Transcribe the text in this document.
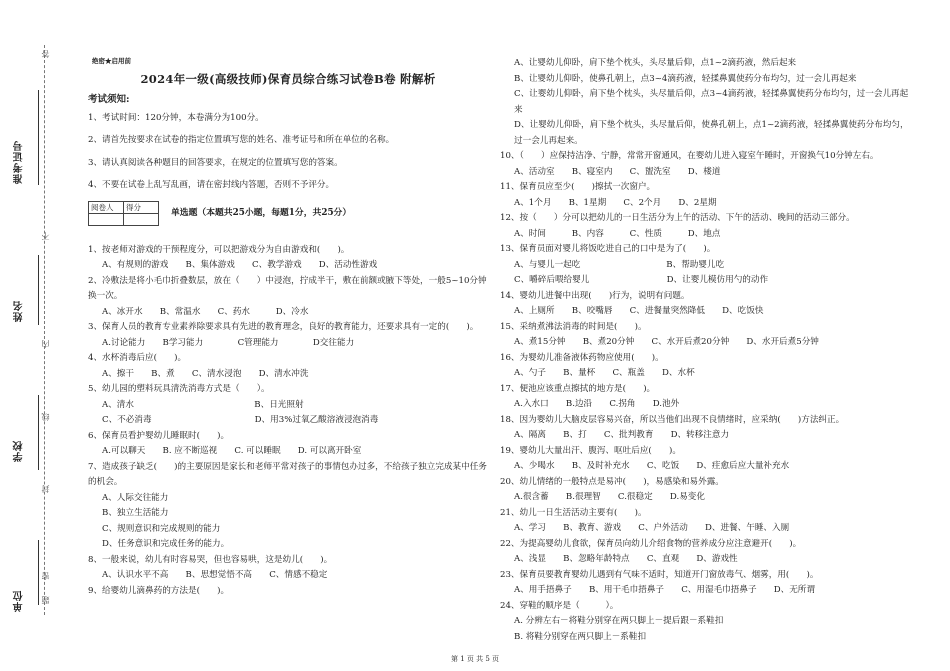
答
不
内
线
封
题
密
准考证号
姓名
学校
单位
绝密★启用前
2024年一级(高级技师)保育员综合练习试卷B卷 附解析
考试须知:

1、考试时间：120分钟，本卷满分为100分。

2、请首先按要求在试卷的指定位置填写您的姓名、准考证号和所在单位的名称。

3、请认真阅读各种题目的回答要求，在规定的位置填写您的答案。

4、不要在试卷上乱写乱画，请在密封线内答题，否则不予评分。

阅卷人	得分

单选题（本题共25小题，每题1分，共25分）

1、按老师对游戏的干预程度分，可以把游戏分为自由游戏和(　　)。

A、有规则的游戏　　B、集体游戏　　C、教学游戏　　D、活动性游戏

2、冷敷法是将小毛巾折叠数层，放在（　　）中浸泡，拧成半干，敷在前额或腋下等处，一般5~10分钟换一次。

A、冰开水　　B、常温水　　C、药水　　　D、冷水

3、保育人员的教育专业素养除要求具有先进的教育理念，良好的教育能力，还要求具有一定的(　　)。

A.讨论能力　　B学习能力　　　　C管理能力　　　　D交往能力

4、水杯消毒后应(　　)。

A、擦干　　B、煮　　C、清水浸泡　　D、清水冲洗

5、幼儿园的塑料玩具清洗消毒方式是（　　）。

A、清水　　　　　　　　　　　　　　B、日光照射

C、不必消毒　　　　　　　　　　　　D、用3%过氧乙酸溶液浸泡消毒

6、保育员看护婴幼儿睡眠时(　　)。

A.可以聊天　　B. 应不断巡视　　C. 可以睡眠　　D. 可以离开卧室

7、造成孩子缺乏(　　)的主要原因是家长和老师平常对孩子的事情包办过多，不给孩子独立完成某中任务的机会。

A、人际交往能力

B、独立生活能力

C、规则意识和完成规则的能力

D、任务意识和完成任务的能力。

8、一般来说，幼儿有时容易哭，但也容易哄，这是幼儿(　　)。

A、认识水平不高　　B、思想觉悟不高　　C、情感不稳定

9、给婴幼儿滴鼻药的方法是(　　)。

A、让婴幼儿仰卧，肩下垫个枕头，头尽量后仰，点1~2滴药液，然后起来

B、让婴幼儿仰卧，使鼻孔朝上，点3~4滴药液，轻揉鼻翼使药分布均匀，过一会儿再起来

C、让婴幼儿仰卧，肩下垫个枕头，头尽量后仰，点3~4滴药液，轻揉鼻翼使药分布均匀，过一会儿再起来

D、让婴幼儿仰卧，肩下垫个枕头，头尽量后仰，使鼻孔朝上，点1~2滴药液，轻揉鼻翼使药分布均匀，过一会儿再起来。

10、（　　）应保持洁净、宁静，常常开窗通风，在婴幼儿进入寝室午睡时，开窗换气10分钟左右。

A、活动室　　B、寝室内　　C、盥洗室　　D、楼道

11、保育员应至少(　　)擦拭一次窗户。

A、1个月　　B、1星期　　C、2个月　　D、2星期

12、按（　　）分可以把幼儿的一日生活分为上午的活动、下午的活动、晚间的活动三部分。

A、时间　　　B、内容　　　C、性质　　　D、地点

13、保育员面对婴儿将饭吃进自己的口中是为了(　　)。

A、与婴儿一起吃　　　　　　　　　　B、帮助婴儿吃

C、嚼碎后喂给婴儿　　　　　　　　　D、让婴儿模仿用勺的动作

14、婴幼儿进餐中出现(　　)行为，说明有问题。

A、上厕所　　B、咬嘴唇　　C、进餐量突然降低　　D、吃饭快

15、采纳煮沸法消毒的时间是(　　)。

A、煮15分钟　　B、煮20分钟　　C、水开后煮20分钟　　D、水开后煮5分钟

16、为婴幼儿准备液体药物应使用(　　)。

A、勺子　　B、量杯　　C、瓶盖　　D、水杯

17、便池应该重点擦拭的地方是(　　)。

A.入水口　　B.边沿　　C.拐角　　D.池外

18、因为婴幼儿大脑皮层容易兴奋，所以当他们出现不良情绪时，应采纳(　　)方法纠正。

A、隔离　　B、打　　C、批判教育　　D、转移注意力

19、婴幼儿大量出汗、腹泻、呕吐后应(　　)。

A、少喝水　　B、及时补充水　　C、吃饭　　D、疰愈后应大量补充水

20、幼儿情绪的一般特点是易冲(　　)，易感染和易外露。

A.很含蓄　　B.很理智　　C.很稳定　　D.易变化

21、幼儿一日生活活动主要有(　　)。

A、学习　　B、教育、游戏　　C、户外活动　　D、进餐、午睡、入厕

22、为提高婴幼儿食欲，保育员向幼儿介绍食物的营养成分应注意避开(　　)。

A、浅显　　B、忽略年龄特点　　C、直观　　D、游戏性

23、保育员要教育婴幼儿遇到有气味不适时，知道开门窗放毒气、烟雾，用(　　)。

A、用手捂鼻子　　B、用干毛巾捂鼻子　　C、用湿毛巾捂鼻子　　D、无所谓

24、穿鞋的顺序是（　　　）。

A. 分辨左右－将鞋分别穿在两只脚上－提后跟－系鞋扣

B. 将鞋分别穿在两只脚上－系鞋扣

第 1 页 共 5 页
